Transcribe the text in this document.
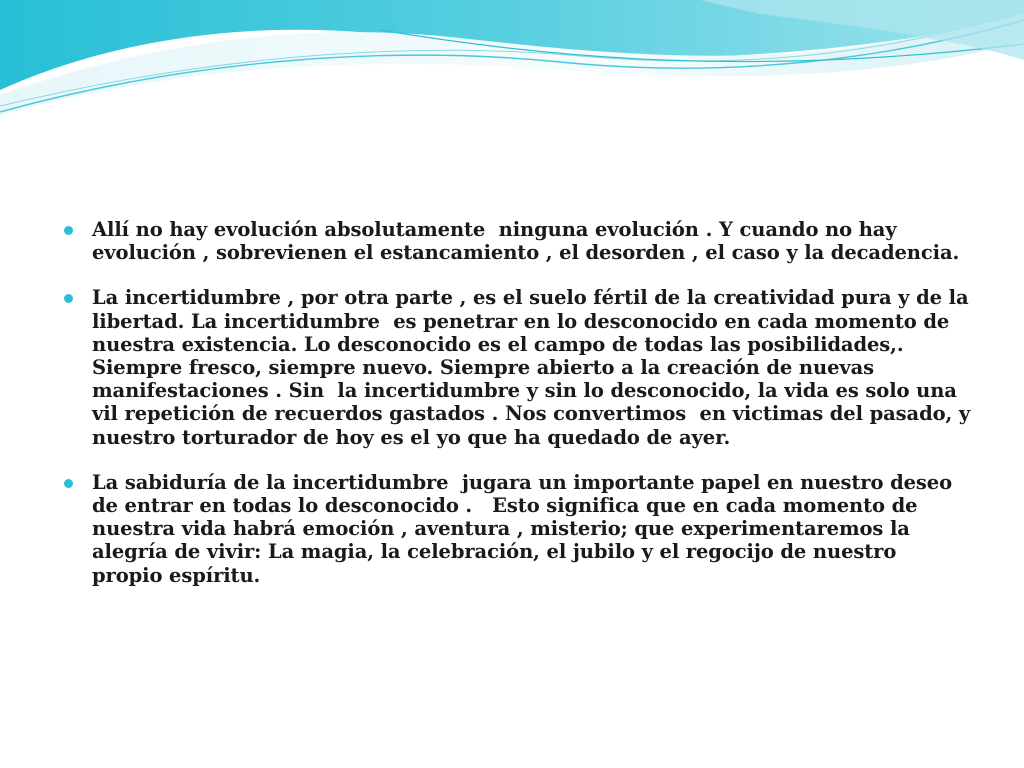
Allí no hay evolución absolutamente  ninguna evolución . Y cuando no hay evolución , sobrevienen el estancamiento , el desorden , el caso y la decadencia.
La incertidumbre , por otra parte , es el suelo fértil de la creatividad pura y de la libertad. La incertidumbre  es penetrar en lo desconocido en cada momento de nuestra existencia. Lo desconocido es el campo de todas las posibilidades,. Siempre fresco, siempre nuevo. Siempre abierto a la creación de nuevas manifestaciones . Sin  la incertidumbre y sin lo desconocido, la vida es solo una vil repetición de recuerdos gastados . Nos convertimos  en victimas del pasado, y nuestro torturador de hoy es el yo que ha quedado de ayer.
La sabiduría de la incertidumbre  jugara un importante papel en nuestro deseo de entrar en todas lo desconocido .   Esto significa que en cada momento de nuestra vida habrá emoción , aventura , misterio; que experimentaremos la alegría de vivir: La magia, la celebración, el jubilo y el regocijo de nuestro  propio espíritu.
